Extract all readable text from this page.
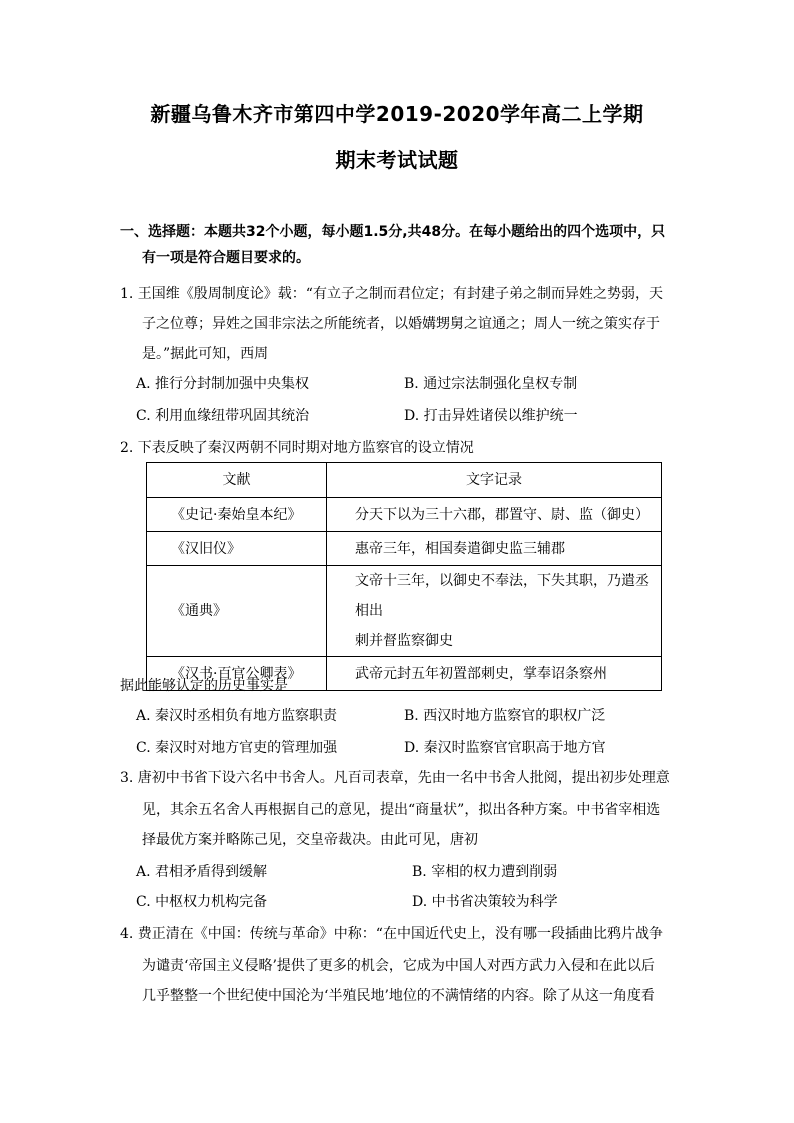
新疆乌鲁木齐市第四中学2019-2020学年高二上学期
期末考试试题
一、选择题：本题共32个小题，每小题1.5分,共48分。在每小题给出的四个选项中，只
有一项是符合题目要求的。
1. 王国维《殷周制度论》载：“有立子之制而君位定；有封建子弟之制而异姓之势弱，天
子之位尊；异姓之国非宗法之所能统者，以婚媾甥舅之谊通之；周人一统之策实存于
是。”据此可知，西周
A. 推行分封制加强中央集权	B. 通过宗法制强化皇权专制
C. 利用血缘纽带巩固其统治	D. 打击异姓诸侯以维护统一
2. 下表反映了秦汉两朝不同时期对地方监察官的设立情况
文献	文字记录
《史记·秦始皇本纪》	分天下以为三十六郡，郡置守、尉、监（御史）
《汉旧仪》	惠帝三年，相国奏遣御史监三辅郡
《通典》	文帝十三年，以御史不奉法，下失其职，乃遣丞相出
刺并督监察御史

《汉书·百官公卿表》	武帝元封五年初置部刺史，掌奉诏条察州
据此能够认定的历史事实是
A. 秦汉时丞相负有地方监察职责	B. 西汉时地方监察官的职权广泛
C. 秦汉时对地方官吏的管理加强	D. 秦汉时监察官官职高于地方官
3. 唐初中书省下设六名中书舍人。凡百司表章，先由一名中书舍人批阅，提出初步处理意
见，其余五名舍人再根据自己的意见，提出“商量状”，拟出各种方案。中书省宰相选
择最优方案并略陈己见，交皇帝裁决。由此可见，唐初
A. 君相矛盾得到缓解	B. 宰相的权力遭到削弱
C. 中枢权力机构完备	D. 中书省决策较为科学
4. 费正清在《中国：传统与革命》中称：“在中国近代史上，没有哪一段插曲比鸦片战争
为谴责‘帝国主义侵略’提供了更多的机会，它成为中国人对西方武力入侵和在此以后
几乎整整一个世纪使中国沦为‘半殖民地’地位的不满情绪的内容。除了从这一角度看
